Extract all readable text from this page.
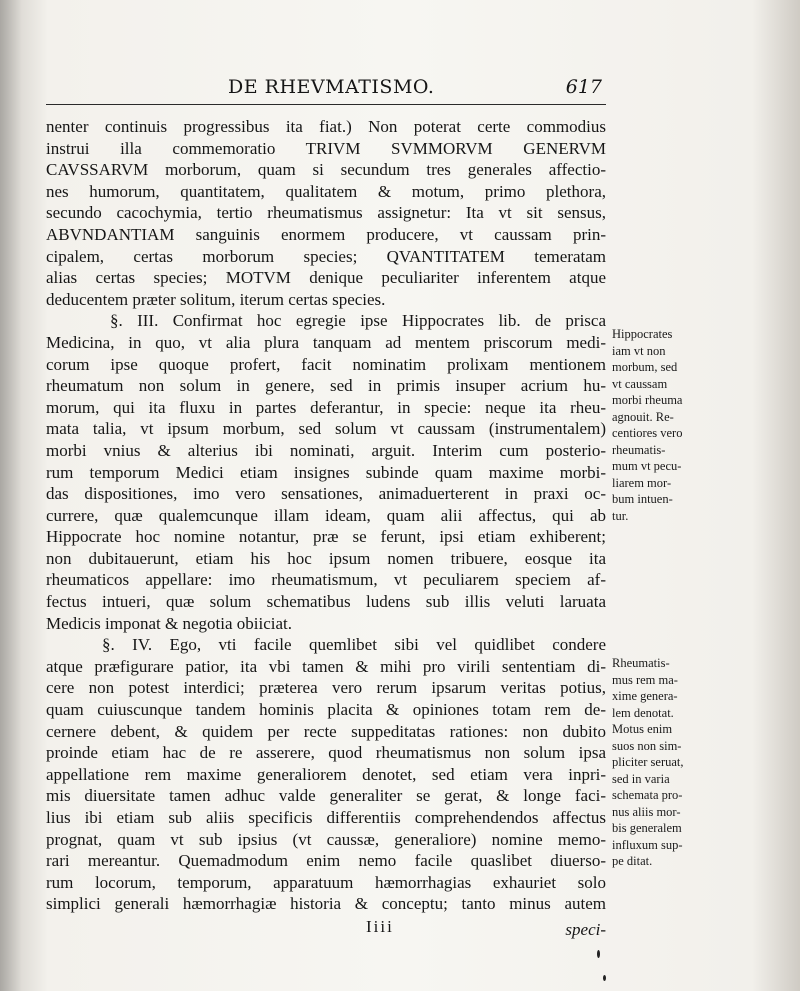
DE RHEVMATISMO.	617
nenter continuis progressibus ita fiat.) Non poterat certe commodius
instrui illa commemoratio TRIVM SVMMORVM GENERVM
CAVSSARVM morborum, quam si secundum tres generales affectio-
nes humorum, quantitatem, qualitatem & motum, primo plethora,
secundo cacochymia, tertio rheumatismus assignetur: Ita vt sit sensus,
ABVNDANTIAM sanguinis enormem producere, vt caussam prin-
cipalem, certas morborum species; QVANTITATEM temeratam
alias certas species; MOTVM denique peculiariter inferentem atque
deducentem præter solitum, iterum certas species.
§. III. Confirmat hoc egregie ipse Hippocrates lib. de prisca
Medicina, in quo, vt alia plura tanquam ad mentem priscorum medi-
corum ipse quoque profert, facit nominatim prolixam mentionem
rheumatum non solum in genere, sed in primis insuper acrium hu-
morum, qui ita fluxu in partes deferantur, in specie: neque ita rheu-
mata talia, vt ipsum morbum, sed solum vt caussam (instrumentalem)
morbi vnius & alterius ibi nominati, arguit. Interim cum posterio-
rum temporum Medici etiam insignes subinde quam maxime morbi-
das dispositiones, imo vero sensationes, animaduerterent in praxi oc-
currere, quæ qualemcunque illam ideam, quam alii affectus, qui ab
Hippocrate hoc nomine notantur, præ se ferunt, ipsi etiam exhiberent;
non dubitauerunt, etiam his hoc ipsum nomen tribuere, eosque ita
rheumaticos appellare: imo rheumatismum, vt peculiarem speciem af-
fectus intueri, quæ solum schematibus ludens sub illis veluti laruata
Medicis imponat & negotia obiiciat.
§. IV. Ego, vti facile quemlibet sibi vel quidlibet condere
atque præfigurare patior, ita vbi tamen & mihi pro virili sententiam di-
cere non potest interdici; præterea vero rerum ipsarum veritas potius,
quam cuiuscunque tandem hominis placita & opiniones totam rem de-
cernere debent, & quidem per recte suppeditatas rationes: non dubito
proinde etiam hac de re asserere, quod rheumatismus non solum ipsa
appellatione rem maxime generaliorem denotet, sed etiam vera inpri-
mis diuersitate tamen adhuc valde generaliter se gerat, & longe faci-
lius ibi etiam sub aliis specificis differentiis comprehendendos affectus
prognat, quam vt sub ipsius (vt caussæ, generaliore) nomine memo-
rari mereantur. Quemadmodum enim nemo facile quaslibet diuerso-
rum locorum, temporum, apparatuum hæmorrhagias exhauriet solo
simplici generali hæmorrhagiæ historia & conceptu; tanto minus autem
Hippocrates
iam vt non
morbum, sed
vt caussam
morbi rheuma
agnouit. Re-
centiores vero
rheumatis-
mum vt pecu-
liarem mor-
bum intuen-
tur.
Rheumatis-
mus rem ma-
xime genera-
lem denotat.
Motus enim
suos non sim-
pliciter seruat,
sed in varia
schemata pro-
nus aliis mor-
bis generalem
influxum sup-
pe ditat.
Iiii	speci-
